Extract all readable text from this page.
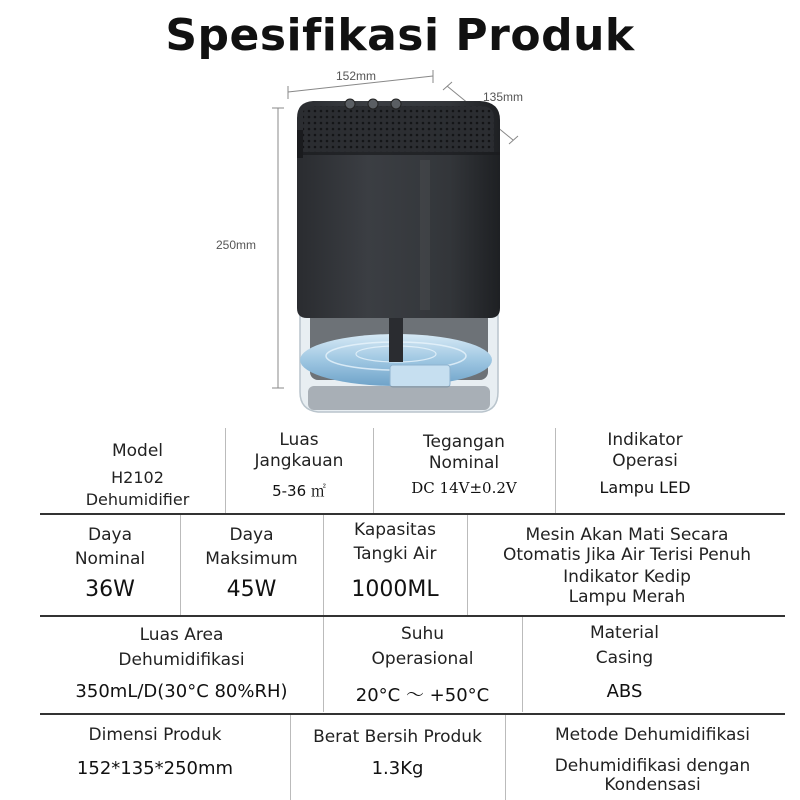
Spesifikasi Produk
152mm
135mm
250mm
Model
H2102
Dehumidifier
Luas
Jangkauan
5-36 ㎡
Tegangan
Nominal
DC 14V±0.2V
Indikator
Operasi
Lampu LED
Daya
Nominal
36W
Daya
Maksimum
45W
Kapasitas
Tangki Air
1000ML
Mesin Akan Mati Secara
Otomatis Jika Air Terisi Penuh
Indikator Kedip
Lampu Merah
Luas Area
Dehumidifikasi
350mL/D(30°C 80%RH)
Suhu
Operasional
20°C ～ +50°C
Material
Casing
ABS
Dimensi Produk
152*135*250mm
Berat Bersih Produk
1.3Kg
Metode Dehumidifikasi
Dehumidifikasi dengan
Kondensasi
